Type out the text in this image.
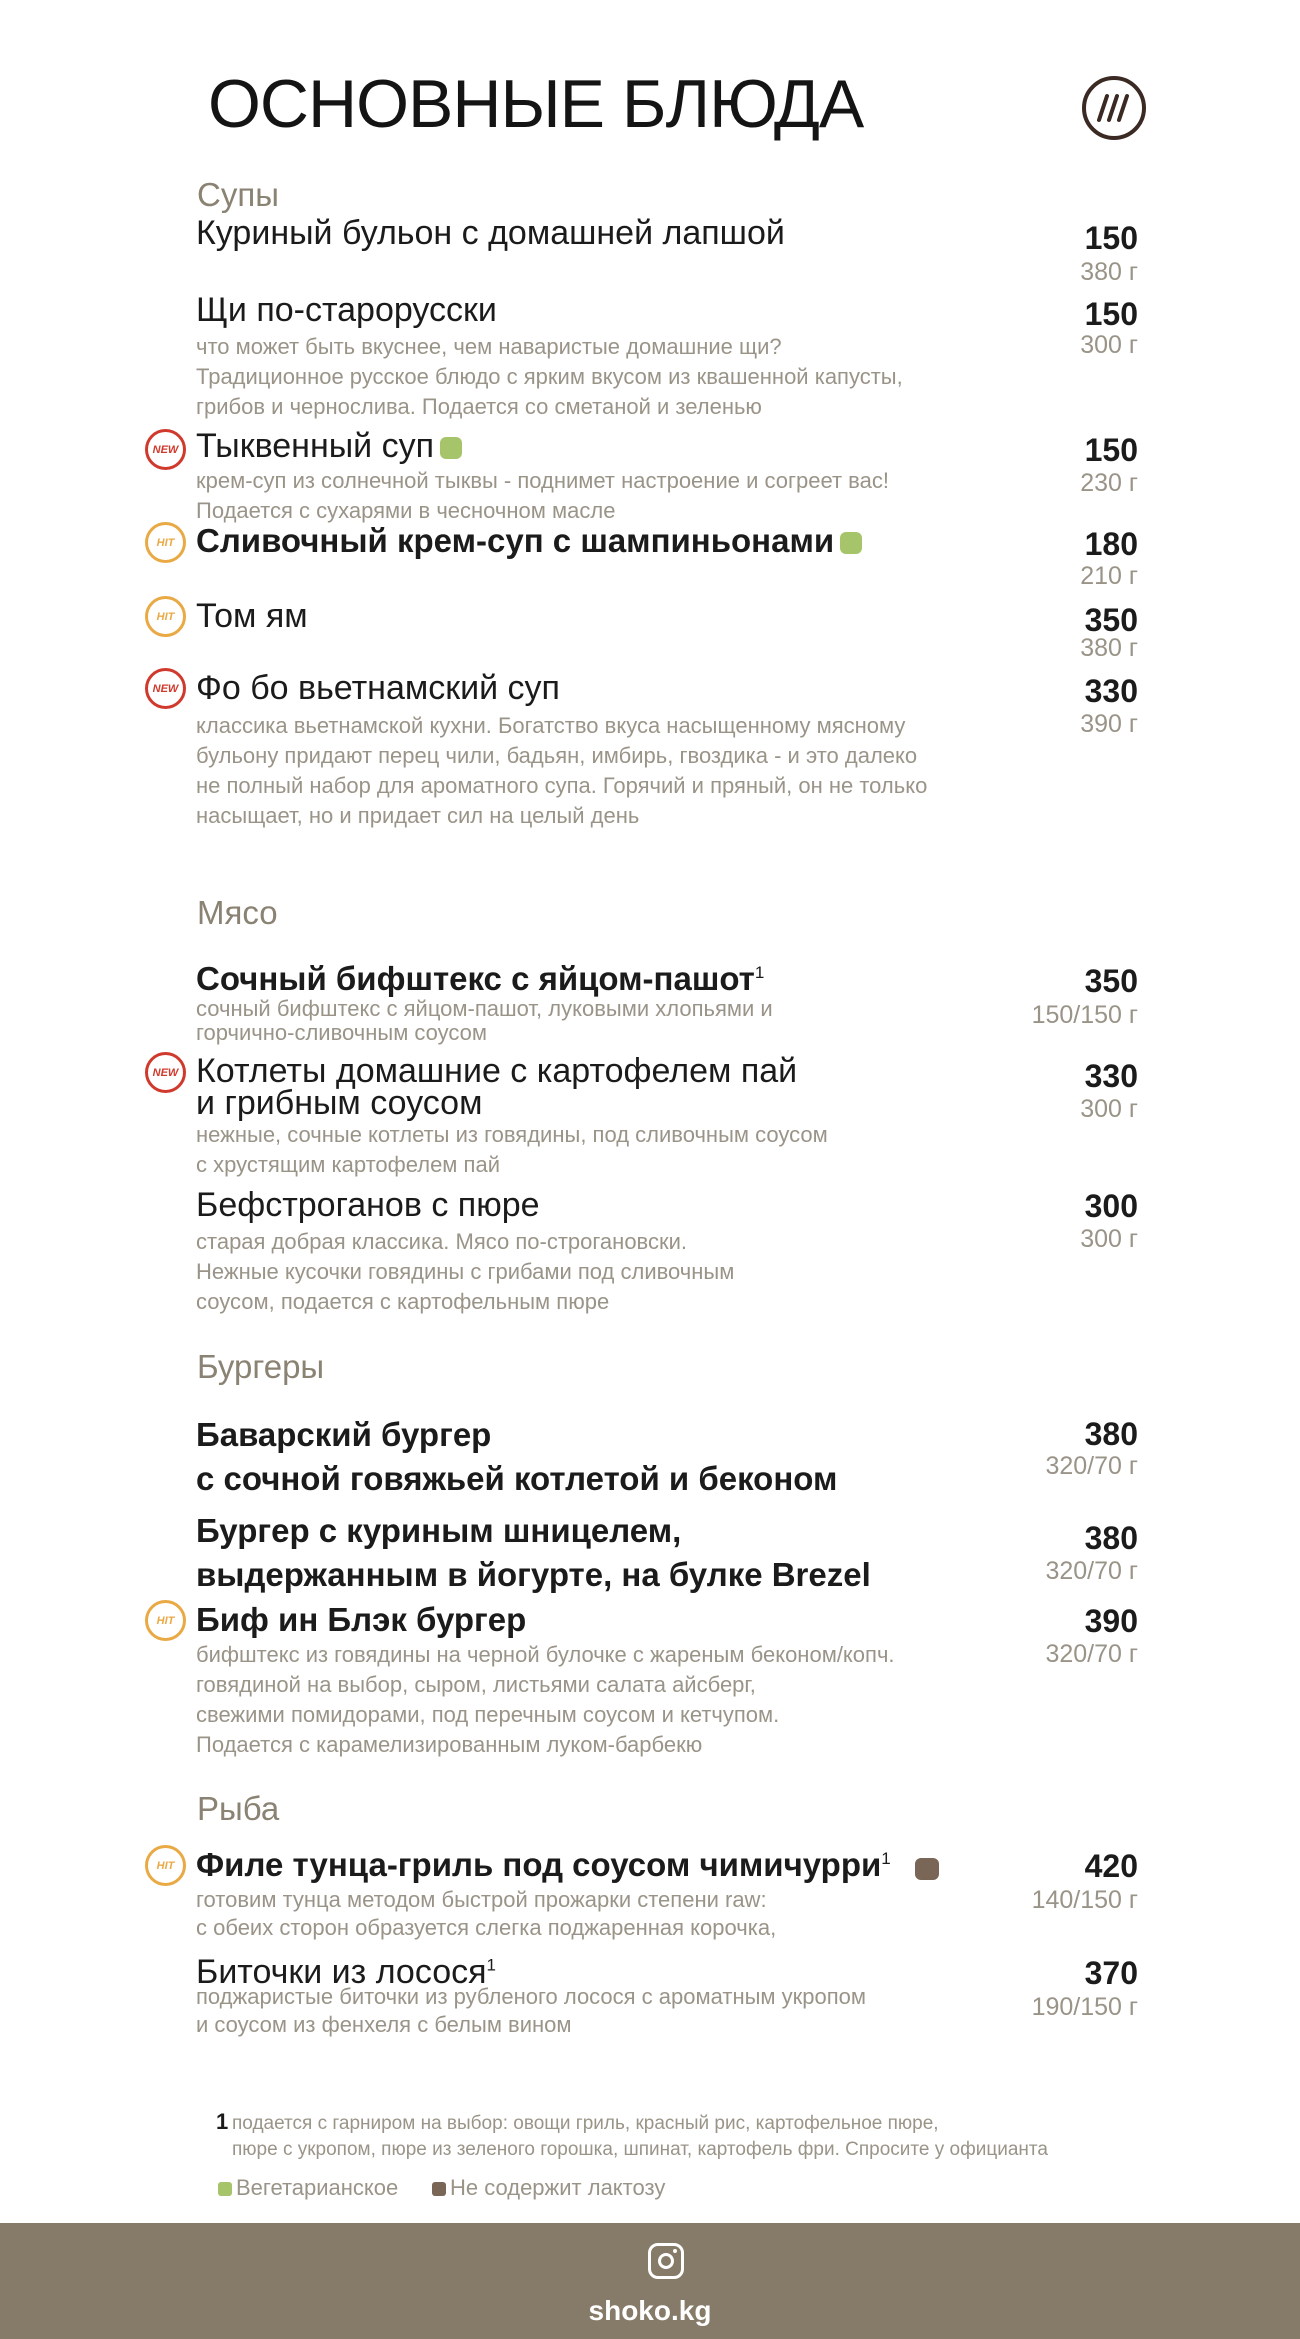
ОСНОВНЫЕ БЛЮДА
Супы
Куриный бульон с домашней лапшой	150
380 г
Щи по-старорусски	150
300 г
что может быть вкуснее, чем наваристые домашние щи?
Традиционное русское блюдо с ярким вкусом из квашенной капусты,
грибов и чернослива. Подается со сметаной и зеленью
NEW Тыквенный суп	150
230 г
крем-суп из солнечной тыквы - поднимет настроение и согреет вас!
Подается с сухарями в чесночном масле
HIT Сливочный крем-суп с шампиньонами	180
210 г
HIT Том ям	350
380 г
NEW Фо бо вьетнамский суп	330
390 г
классика вьетнамской кухни. Богатство вкуса насыщенному мясному
бульону придают перец чили, бадьян, имбирь, гвоздика - и это далеко
не полный набор для ароматного супа. Горячий и пряный, он не только
насыщает, но и придает сил на целый день
Мясо
Сочный бифштекс с яйцом-пашот$^1$	350
150/150 г
сочный бифштекс с яйцом-пашот, луковыми хлопьями и
горчично-сливочным соусом
NEW Котлеты домашние с картофелем пай
и грибным соусом
330
300 г
нежные, сочные котлеты из говядины, под сливочным соусом
с хрустящим картофелем пай
Бефстроганов с пюре	300
300 г
старая добрая классика. Мясо по-строгановски.
Нежные кусочки говядины с грибами под сливочным
соусом, подается с картофельным пюре
Бургеры
Баварский бургер
с сочной говяжьей котлетой и беконом
380
320/70 г
Бургер с куриным шницелем,
выдержанным в йогурте, на булке Brezel
380
320/70 г
HIT Биф ин Блэк бургер	390
320/70 г
бифштекс из говядины на черной булочке с жареным беконом/копч.
говядиной на выбор, сыром, листьями салата айсберг,
свежими помидорами, под перечным соусом и кетчупом.
Подается с карамелизированным луком-барбекю
Рыба
HIT Филе тунца-гриль под соусом чимичурри$^1$	420
140/150 г
готовим тунца методом быстрой прожарки степени raw:
с обеих сторон образуется слегка поджаренная корочка,
Биточки из лосося$^1$	370
190/150 г
поджаристые биточки из рубленого лосося с ароматным укропом
и соусом из фенхеля с белым вином
1 подается с гарниром на выбор: овощи гриль, красный рис, картофельное пюре,
пюре с укропом, пюре из зеленого горошка, шпинат, картофель фри. Спросите у официанта
Вегетарианское	Не содержит лактозу
shoko.kg
